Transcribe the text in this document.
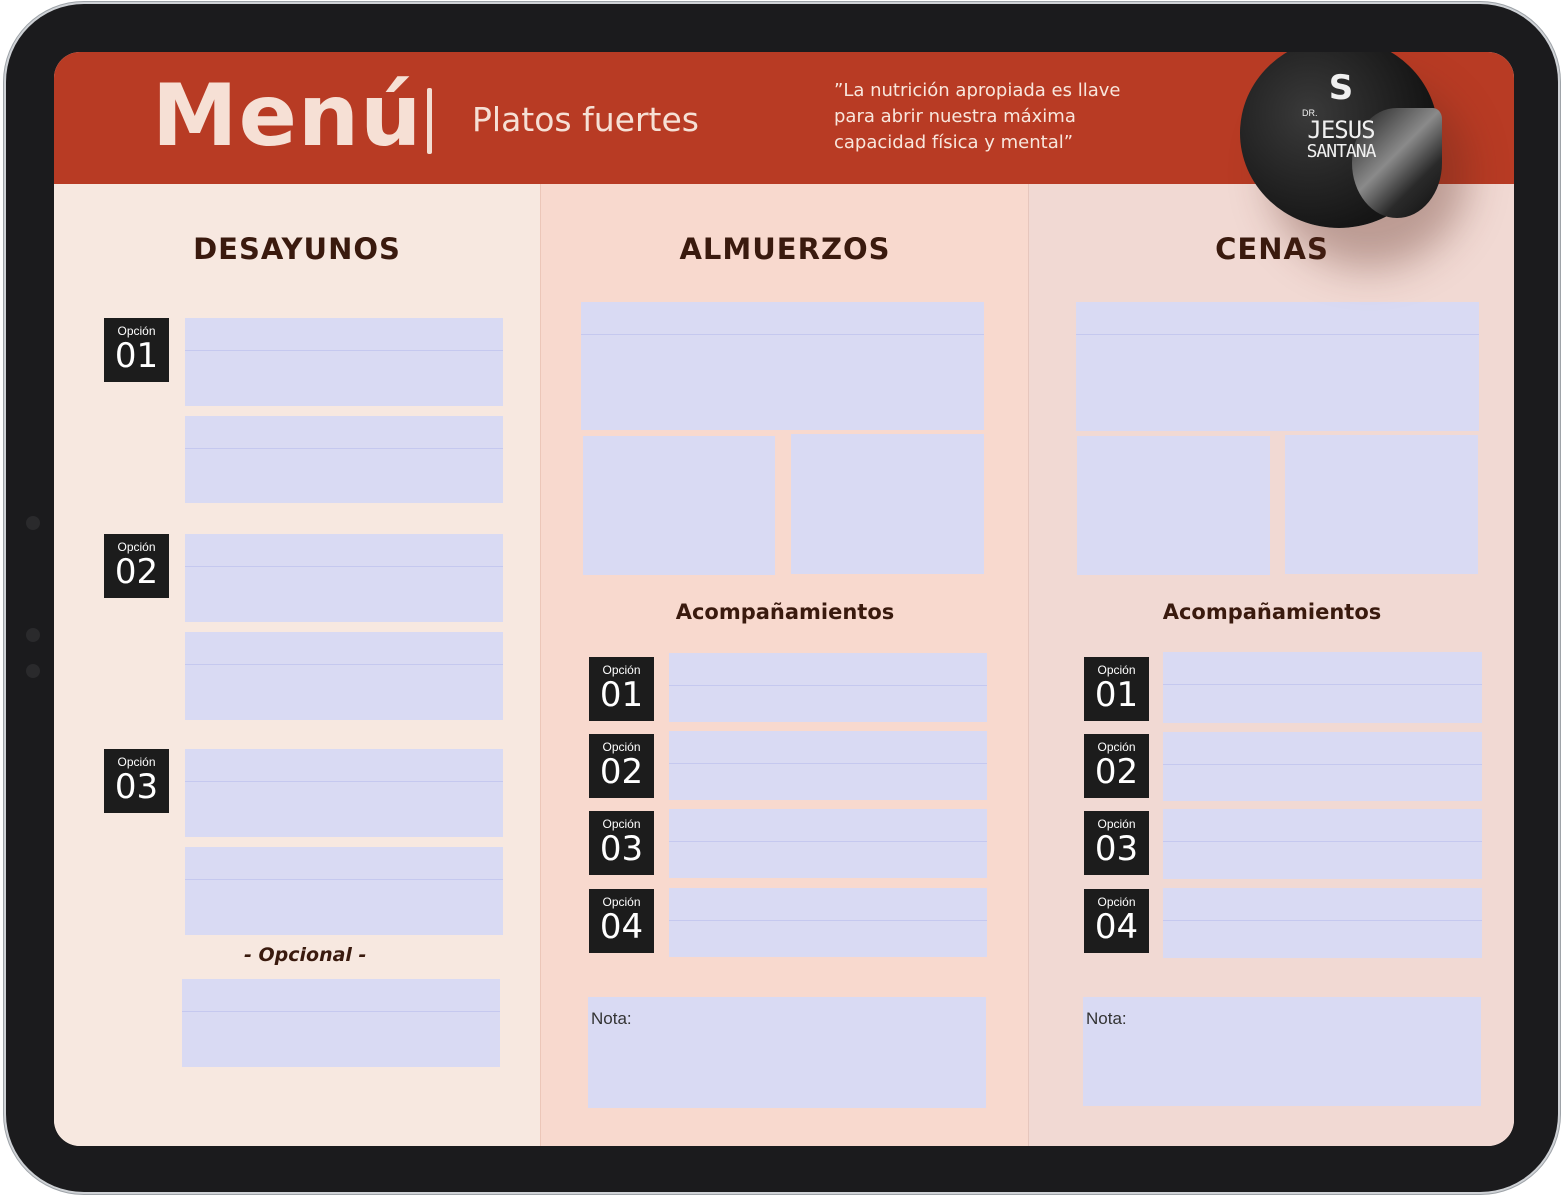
Menú Platos fuertes
”La nutrición apropiada es llave para abrir nuestra máxima capacidad física y mental”
DESAYUNOS
Opción
01
Opción
02
Opción
03
- Opcional -
ALMUERZOS
Acompañamientos
Opción
01
Opción
02
Opción
03
Opción
04
Nota:
CENAS
Acompañamientos
Opción
01
Opción
02
Opción
03
Opción
04
Nota:
S
DR.
JESUS
SANTANA
